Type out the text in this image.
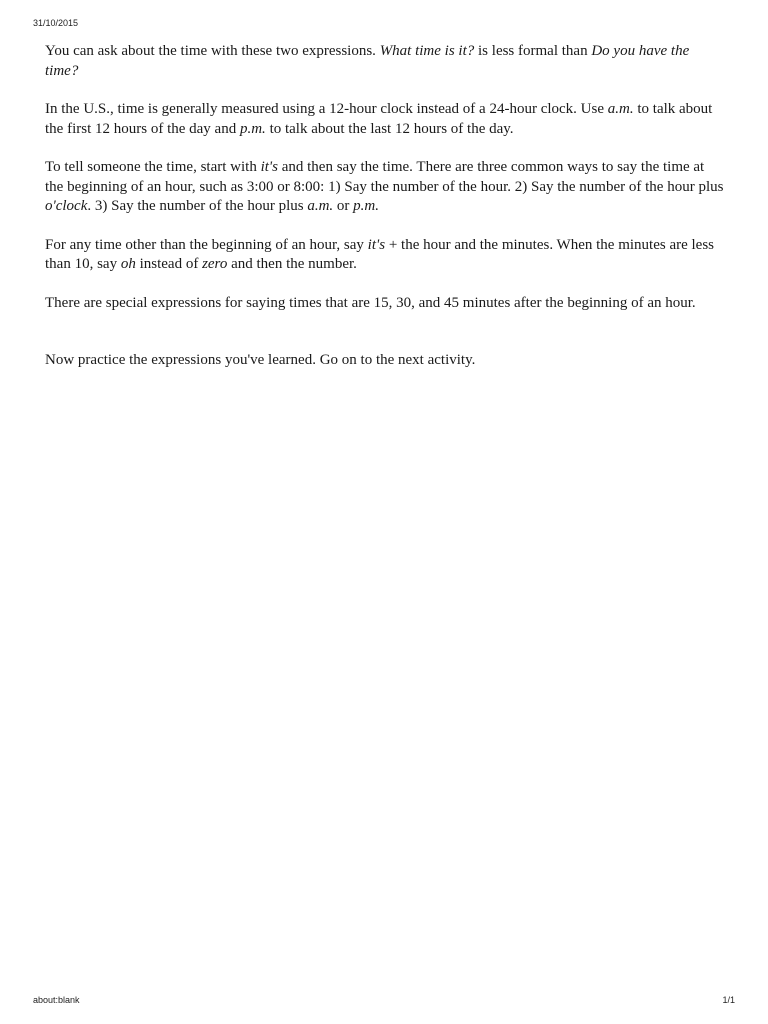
31/10/2015

You can ask about the time with these two expressions. What time is it? is less formal than Do you have the time?

In the U.S., time is generally measured using a 12-hour clock instead of a 24-hour clock. Use a.m. to talk about the first 12 hours of the day and p.m. to talk about the last 12 hours of the day.

To tell someone the time, start with it's and then say the time. There are three common ways to say the time at the beginning of an hour, such as 3:00 or 8:00: 1) Say the number of the hour. 2) Say the number of the hour plus o'clock. 3) Say the number of the hour plus a.m. or p.m.

For any time other than the beginning of an hour, say it's + the hour and the minutes. When the minutes are less than 10, say oh instead of zero and then the number.

There are special expressions for saying times that are 15, 30, and 45 minutes after the beginning of an hour.

Now practice the expressions you've learned. Go on to the next activity.

about:blank	1/1
